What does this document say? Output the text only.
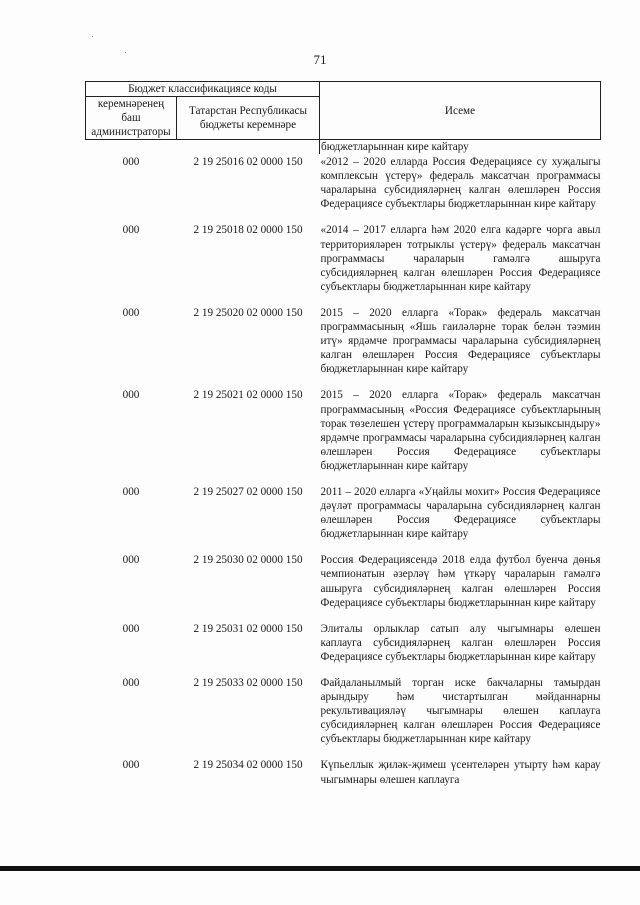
71
Бюджет классификациясе коды		Исеме
керемнәренең баш администраторы	Татарстан Республикасы бюджеты керемнәре	
		бюджетларыннан кире кайтару
000	2 19 25016 02 0000 150	«2012 – 2020 елларда Россия Федерациясе су хуҗалыгы комплексын үстерү» федераль максатчан программасы чараларына субсидияләрнең калган өлешләрен Россия Федерациясе субъектлары бюджетларыннан кире кайтару
000	2 19 25018 02 0000 150	«2014 – 2017 елларга һәм 2020 елга кадәрге чорга авыл территорияләрен тотрыклы үстерү» федераль максатчан программасы чараларын гамәлгә ашыруга субсидияләрнең калган өлешләрен Россия Федерациясе субъектлары бюджетларыннан кире кайтару
000	2 19 25020 02 0000 150	2015 – 2020 елларга «Торак» федераль максатчан программасының «Яшь гаиләләрне торак белән тәэмин итү» ярдәмче программасы чараларына субсидияләрнең калган өлешләрен Россия Федерациясе субъектлары бюджетларыннан кире кайтару
000	2 19 25021 02 0000 150	2015 – 2020 елларга «Торак» федераль максатчан программасының «Россия Федерациясе субъектларының торак төзелешен үстерү программаларын кызыксындыру» ярдәмче программасы чараларына субсидияләрнең калган өлешләрен Россия Федерациясе субъектлары бюджетларыннан кире кайтару
000	2 19 25027 02 0000 150	2011 – 2020 елларга «Уңайлы мохит» Россия Федерациясе дәүләт программасы чараларына субсидияләрнең калган өлешләрен Россия Федерациясе субъектлары бюджетларыннан кире кайтару
000	2 19 25030 02 0000 150	Россия Федерациясендә 2018 елда футбол буенча дөнья чемпионатын әзерләү һәм үткәрү чараларын гамәлгә ашыруга субсидияләрнең калган өлешләрен Россия Федерациясе субъектлары бюджетларыннан кире кайтару
000	2 19 25031 02 0000 150	Элиталы орлыклар сатып алу чыгымнары өлешен каплауга субсидияләрнең калган өлешләрен Россия Федерациясе субъектлары бюджетларыннан кире кайтару
000	2 19 25033 02 0000 150	Файдаланылмый торган иске бакчаларны тамырдан арындыру һәм чистартылган мәйданнарны рекультивацияләү чыгымнары өлешен каплауга субсидияләрнең калган өлешләрен Россия Федерациясе субъектлары бюджетларыннан кире кайтару
000	2 19 25034 02 0000 150	Күпьеллык җиләк-җимеш үсентеләрен утырту һәм карау чыгымнары өлешен каплауга
